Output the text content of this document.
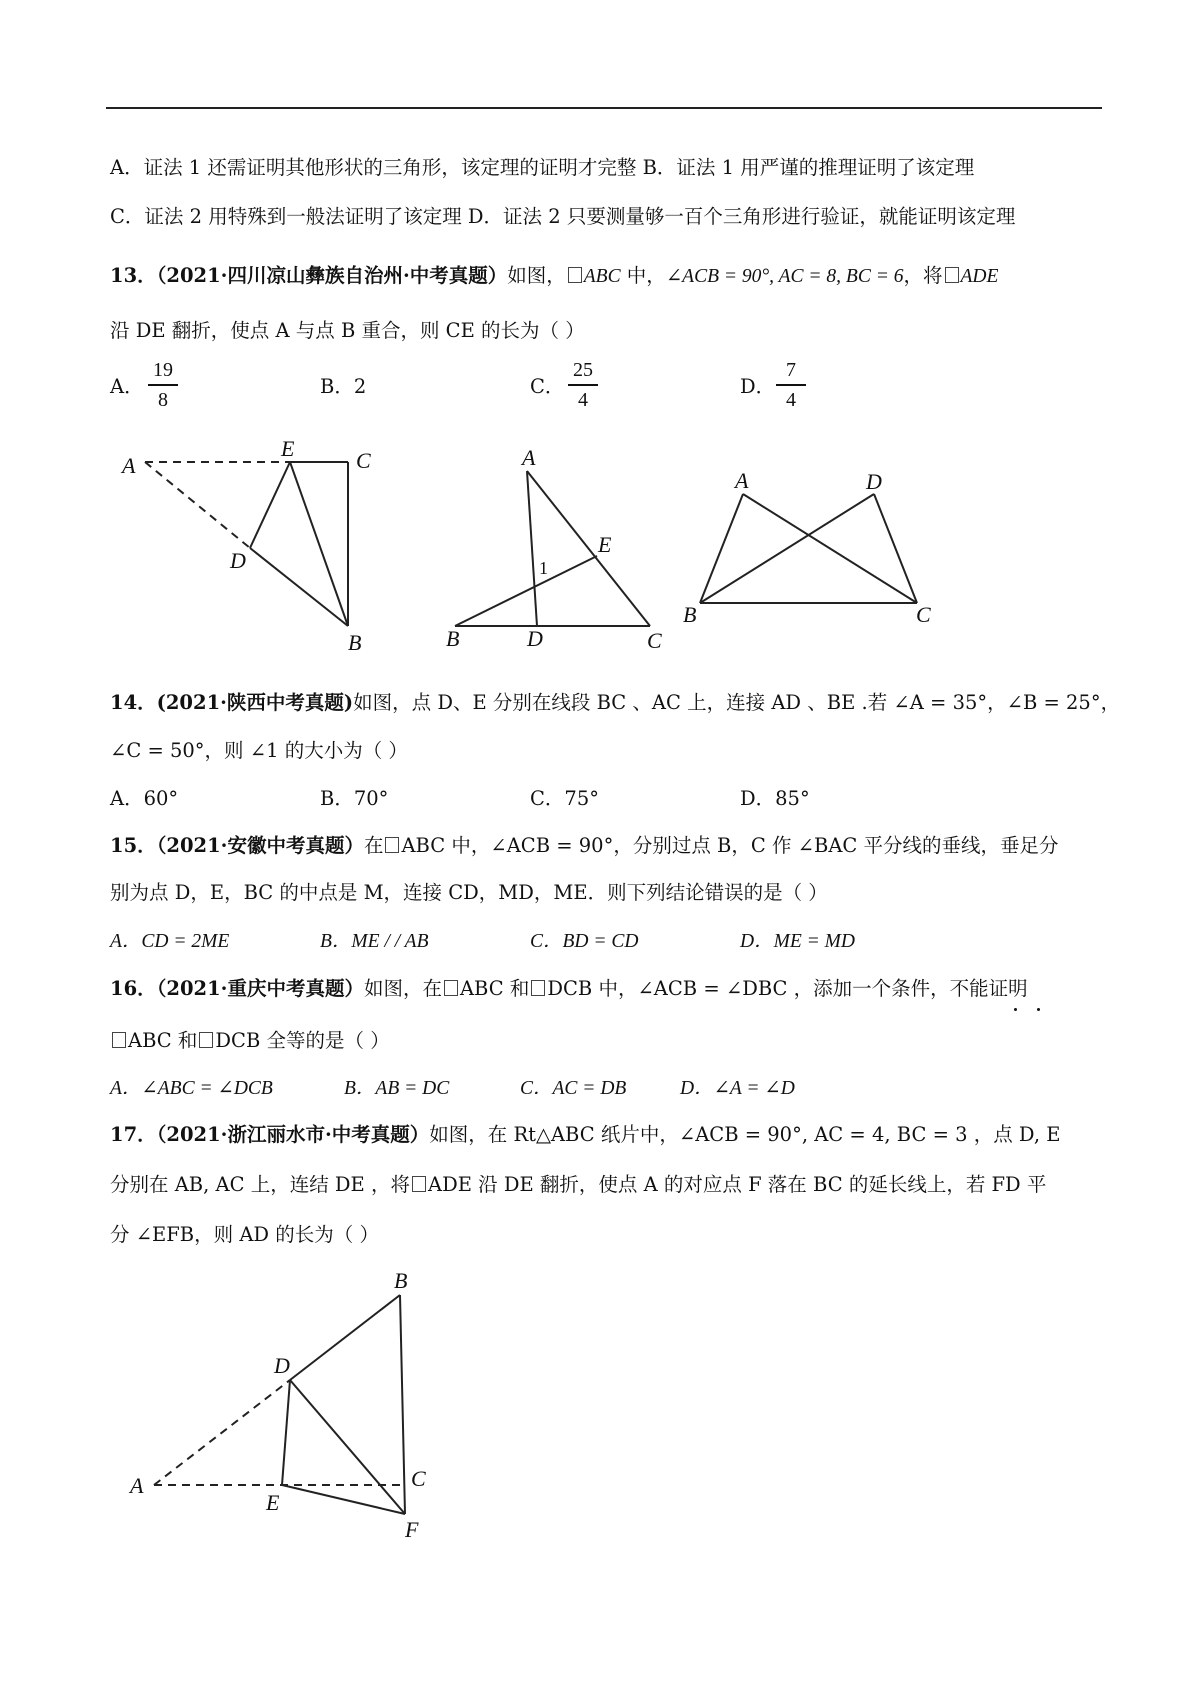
A．证法 1 还需证明其他形状的三角形，该定理的证明才完整 B．证法 1 用严谨的推理证明了该定理
C．证法 2 用特殊到一般法证明了该定理 D．证法 2 只要测量够一百个三角形进行验证，就能证明该定理
13．（2021·四川凉山彝族自治州·中考真题）如图， ABC 中，∠ACB = 90°, AC = 8, BC = 6，将 ADE
沿 DE 翻折，使点 A 与点 B 重合，则 CE 的长为（ ）
A．
19
8
B．2	C．
25
4
D．
7
4
A
E	C
D
B
A
E
1
B	D	C
A	D
B	C
14．(2021·陕西中考真题)如图，点 D、E 分别在线段 BC 、AC 上，连接 AD 、BE .若 ∠A = 35°，∠B = 25°，
∠C = 50°，则 ∠1 的大小为（ ）
A．60°	B．70°	C．75°	D．85°
15．（2021·安徽中考真题）在 ABC 中，∠ACB = 90°，分别过点 B，C 作 ∠BAC 平分线的垂线，垂足分
别为点 D，E，BC 的中点是 M，连接 CD，MD，ME．则下列结论错误的是（ ）
A．CD = 2ME	B．ME / / AB	C．BD = CD	D．ME = MD
16．（2021·重庆中考真题）如图，在 ABC 和 DCB 中，∠ACB = ∠DBC ，添加一个条件，不能证明
ABC 和 DCB 全等的是（ ）
A．∠ABC = ∠DCB	B．AB = DC	C．AC = DB	D．∠A = ∠D
17．（2021·浙江丽水市·中考真题）如图，在 Rt△ABC 纸片中，∠ACB = 90°, AC = 4, BC = 3 ，点 D, E
分别在 AB, AC 上，连结 DE ，将 ADE 沿 DE 翻折，使点 A 的对应点 F 落在 BC 的延长线上，若 FD 平
分 ∠EFB，则 AD 的长为（ ）
B
D
A
E
C
F
